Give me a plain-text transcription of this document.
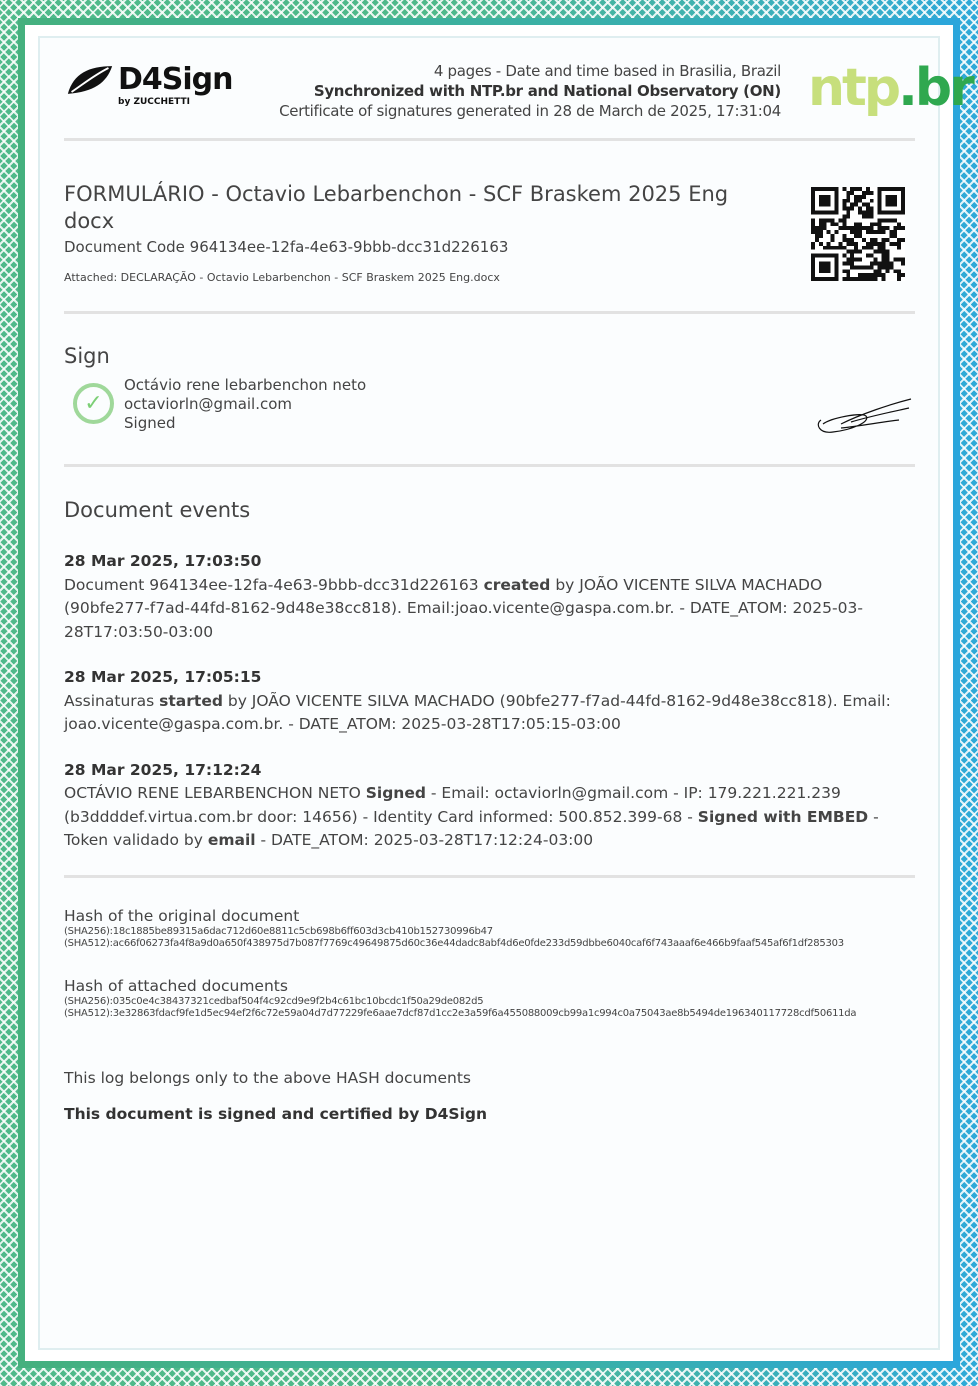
D4Sign
by ZUCCHETTI
4 pages - Date and time based in Brasilia, Brazil
Synchronized with NTP.br and National Observatory (ON)
Certificate of signatures generated in 28 de March de 2025, 17:31:04 ntp.br
FORMULÁRIO - Octavio Lebarbenchon - SCF Braskem 2025 Eng docx
Document Code 964134ee-12fa-4e63-9bbb-dcc31d226163
Attached: DECLARAÇÃO - Octavio Lebarbenchon - SCF Braskem 2025 Eng.docx
Sign
Octávio rene lebarbenchon neto
octaviorln@gmail.com
Signed
Document events
28 Mar 2025, 17:03:50
Document 964134ee-12fa-4e63-9bbb-dcc31d226163 created by JOÃO VICENTE SILVA MACHADO (90bfe277-f7ad-44fd-8162-9d48e38cc818). Email:joao.vicente@gaspa.com.br. - DATE_ATOM: 2025-03-28T17:03:50-03:00
28 Mar 2025, 17:05:15
Assinaturas started by JOÃO VICENTE SILVA MACHADO (90bfe277-f7ad-44fd-8162-9d48e38cc818). Email: joao.vicente@gaspa.com.br. - DATE_ATOM: 2025-03-28T17:05:15-03:00
28 Mar 2025, 17:12:24
OCTÁVIO RENE LEBARBENCHON NETO Signed - Email: octaviorln@gmail.com - IP: 179.221.221.239 (b3ddddef.virtua.com.br door: 14656) - Identity Card informed: 500.852.399-68 - Signed with EMBED - Token validado by email - DATE_ATOM: 2025-03-28T17:12:24-03:00
Hash of the original document
(SHA256):18c1885be89315a6dac712d60e8811c5cb698b6ff603d3cb410b152730996b47
(SHA512):ac66f06273fa4f8a9d0a650f438975d7b087f7769c49649875d60c36e44dadc8abf4d6e0fde233d59dbbe6040caf6f743aaaf6e466b9faaf545af6f1df285303
Hash of attached documents
(SHA256):035c0e4c38437321cedbaf504f4c92cd9e9f2b4c61bc10bcdc1f50a29de082d5
(SHA512):3e32863fdacf9fe1d5ec94ef2f6c72e59a04d7d77229fe6aae7dcf87d1cc2e3a59f6a455088009cb99a1c994c0a75043ae8b5494de196340117728cdf50611da
This log belongs only to the above HASH documents
This document is signed and certified by D4Sign
✓
